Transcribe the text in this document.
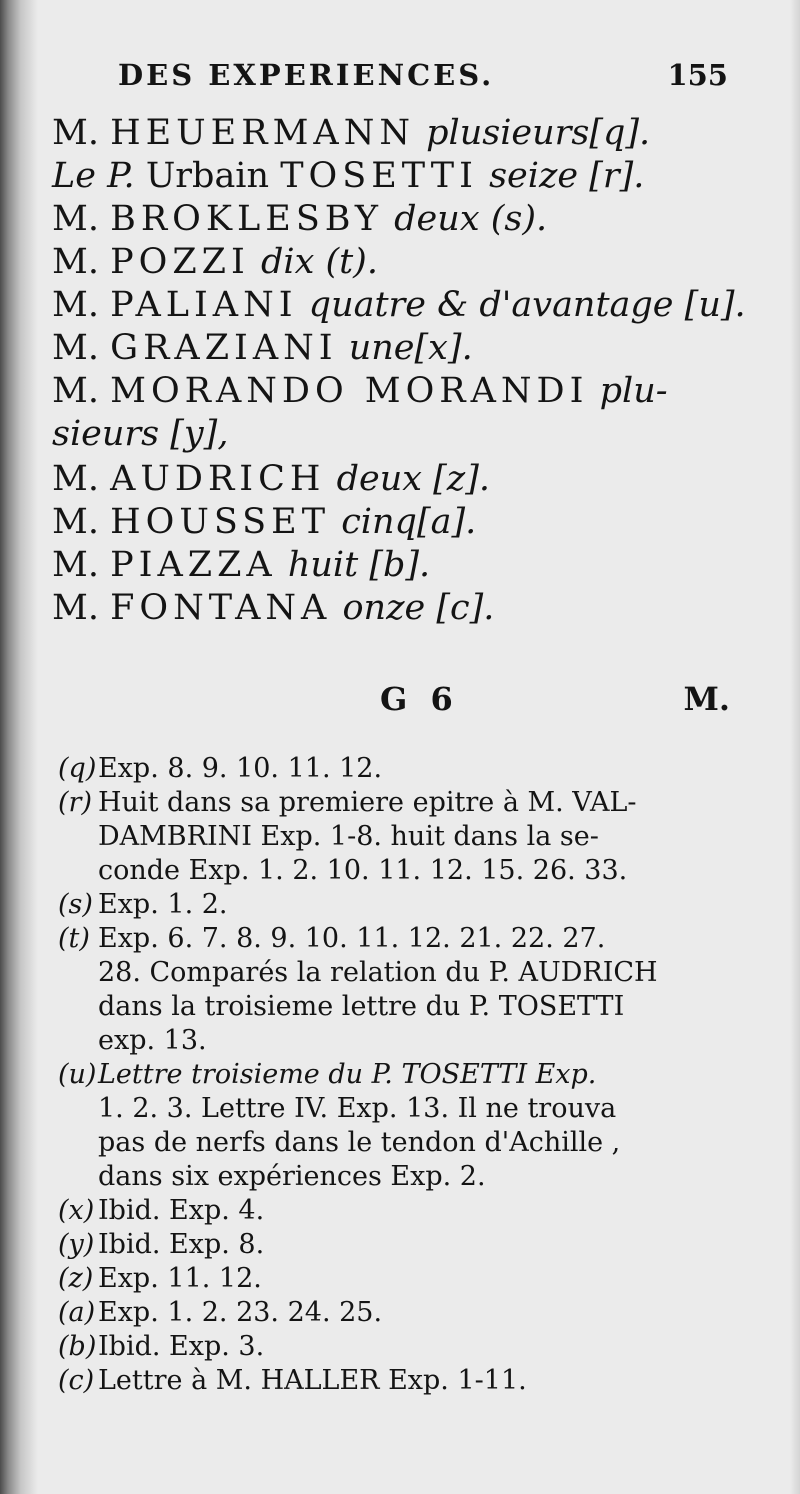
DES EXPERIENCES.	155
M. HEUERMANN plusieurs[q].
Le P. Urbain TOSETTI seize [r].
M. BROKLESBY deux (s).
M. POZZI dix (t).
M. PALIANI quatre & d'avantage [u].
M. GRAZIANI une[x].
M. MORANDO MORANDI plu-
sieurs [y],
M. AUDRICH deux [z].
M. HOUSSET cinq[a].
M. PIAZZA huit [b].
M. FONTANA onze [c].
G 6	M.
(q)Exp. 8. 9. 10. 11. 12.
(r) Huit dans sa premiere epitre à M. VAL-
DAMBRINI Exp. 1-8. huit dans la se-
conde Exp. 1. 2. 10. 11. 12. 15. 26. 33.
(s) Exp. 1. 2.
(t) Exp. 6. 7. 8. 9. 10. 11. 12. 21. 22. 27.
28. Comparés la relation du P. AUDRICH
dans la troisieme lettre du P. TOSETTI
exp. 13.
(u)Lettre troisieme du P. TOSETTI Exp.
1. 2. 3. Lettre IV. Exp. 13. Il ne trouva
pas de nerfs dans le tendon d'Achille ,
dans six expériences Exp. 2.
(x) Ibid. Exp. 4.
(y) Ibid. Exp. 8.
(z) Exp. 11. 12.
(a) Exp. 1. 2. 23. 24. 25.
(b)Ibid. Exp. 3.
(c) Lettre à M. HALLER Exp. 1-11.
